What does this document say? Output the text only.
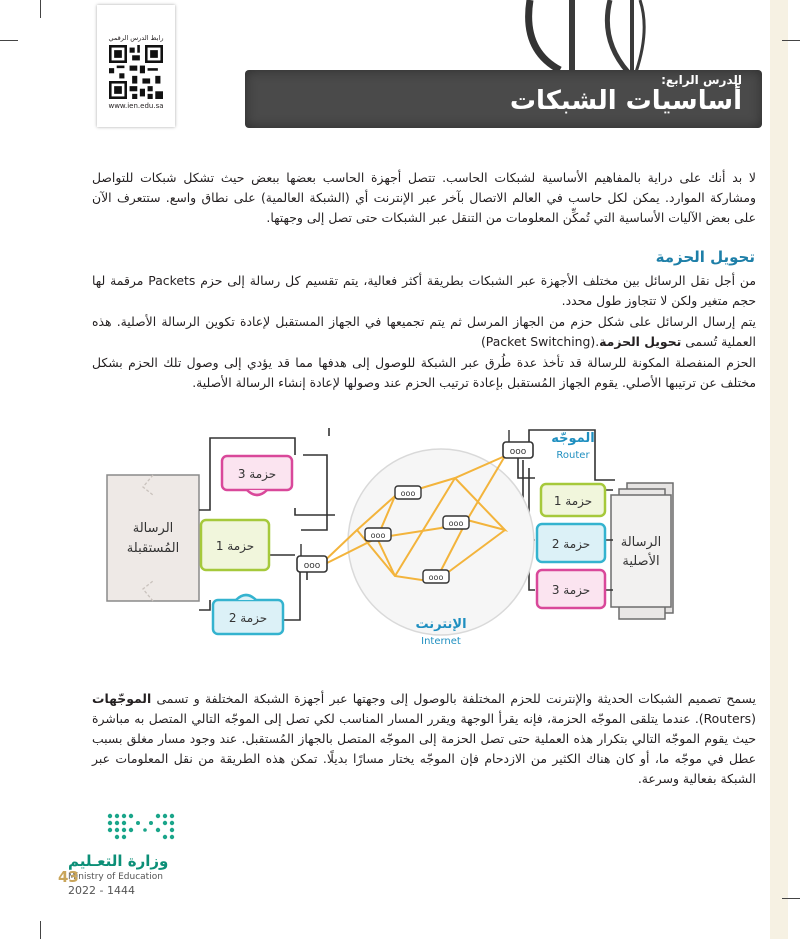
رابط الدرس الرقمي
www.ien.edu.sa
الدرس الرابع:
أساسيات الشبكات

لا بد أنك على دراية بالمفاهيم الأساسية لشبكات الحاسب. تتصل أجهزة الحاسب بعضها ببعض حيث تشكل شبكات للتواصل ومشاركة الموارد. يمكن لكل حاسب في العالم الاتصال بآخر عبر الإنترنت أي (الشبكة العالمية) على نطاق واسع. ستتعرف الآن على بعض الآليات الأساسية التي تُمكِّن المعلومات من التنقل عبر الشبكات حتى تصل إلى وجهتها.

تحويل الحزمة

من أجل نقل الرسائل بين مختلف الأجهزة عبر الشبكات بطريقة أكثر فعالية، يتم تقسيم كل رسالة إلى حزم Packets مرقمة لها حجم متغير ولكن لا تتجاوز طول محدد.

يتم إرسال الرسائل على شكل حزم من الجهاز المرسل ثم يتم تجميعها في الجهاز المستقبل لإعادة تكوين الرسالة الأصلية. هذه العملية تُسمى تحويل الحزمة (Packet Switching).

الحزم المنفصلة المكونة للرسالة قد تأخذ عدة طُرق عبر الشبكة للوصول إلى هدفها مما قد يؤدي إلى وصول تلك الحزم بشكل مختلف عن ترتيبها الأصلي. يقوم الجهاز المُستقبل بإعادة ترتيب الحزم عند وصولها لإعادة إنشاء الرسالة الأصلية.

الرسالة
المُستقبلة	الرسالة
الأصلية
ooo
ooo
ooo
ooo
ooo
ooo
الموجّه
Router
الإنترنت
Internet
حزمة 3
حزمة 1
حزمة 2
حزمة 1
حزمة 2
حزمة 3

يسمح تصميم الشبكات الحديثة والإنترنت للحزم المختلفة بالوصول إلى وجهتها عبر أجهزة الشبكة المختلفة و تسمى الموجّهات (Routers). عندما يتلقى الموجّه الحزمة، فإنه يقرأ الوجهة ويقرر المسار المناسب لكي تصل إلى الموجّه التالي المتصل به مباشرة حيث يقوم الموجّه التالي بتكرار هذه العملية حتى تصل الحزمة إلى الموجّه المتصل بالجهاز المُستقبل. عند وجود مسار مغلق بسبب عطل في موجّه ما، أو كان هناك الكثير من الازدحام فإن الموجّه يختار مسارًا بديلًا. تمكن هذه الطريقة من نقل المعلومات عبر الشبكة بفعالية وسرعة.

وزارة التعـليم
Ministry of Education
2022 - 1444
43
